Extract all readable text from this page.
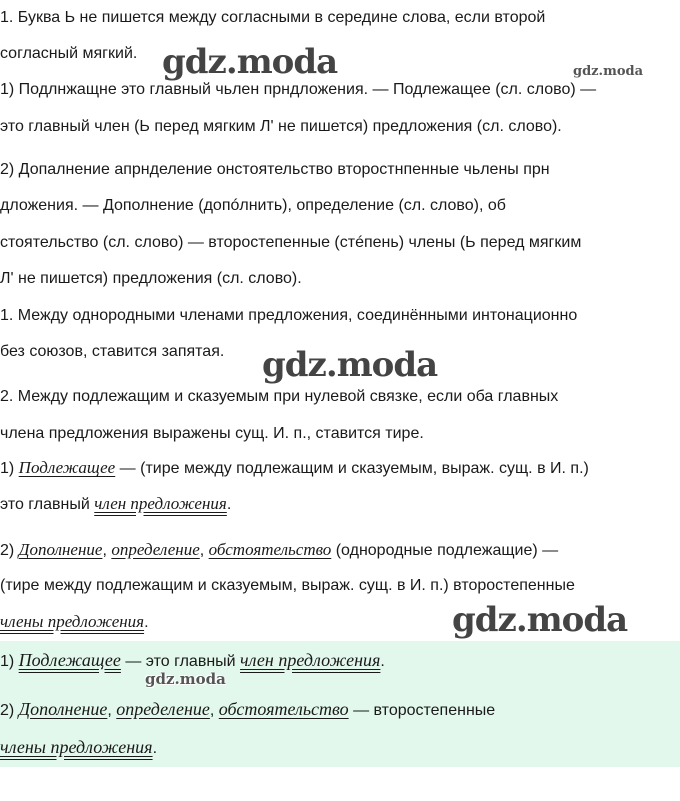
1. Буква Ь не пишется между согласными в середине слова, если второй
согласный мягкий.
1) Подлнжащне это главный чьлен прндложения. — Подлежащее (сл. слово) —
это главный член (Ь перед мягким Л' не пишется) предложения (сл. слово).
2) Допалнение апрнделение онстоятельство второстнпенные чьлены прн
дложения. — Дополнение (допóлнить), определение (сл. слово), об
стоятельство (сл. слово) — второстепенные (стéпень) члены (Ь перед мягким
Л' не пишется) предложения (сл. слово).
1. Между однородными членами предложения, соединёнными интонационно
без союзов, ставится запятая.
2. Между подлежащим и сказуемым при нулевой связке, если оба главных
члена предложения выражены сущ. И. п., ставится тире.
1) Подлежащее — (тире между подлежащим и сказуемым, выраж. сущ. в И. п.)
это главный член предложения.
2) Дополнение, определение, обстоятельство (однородные подлежащие) —
(тире между подлежащим и сказуемым, выраж. сущ. в И. п.) второстепенные
члены предложения.
1) Подлежащее — это главный член предложения.
2) Дополнение, определение, обстоятельство — второстепенные
члены предложения.
gdz.moda	gdz.moda
gdz.moda
gdz.moda
gdz.moda
